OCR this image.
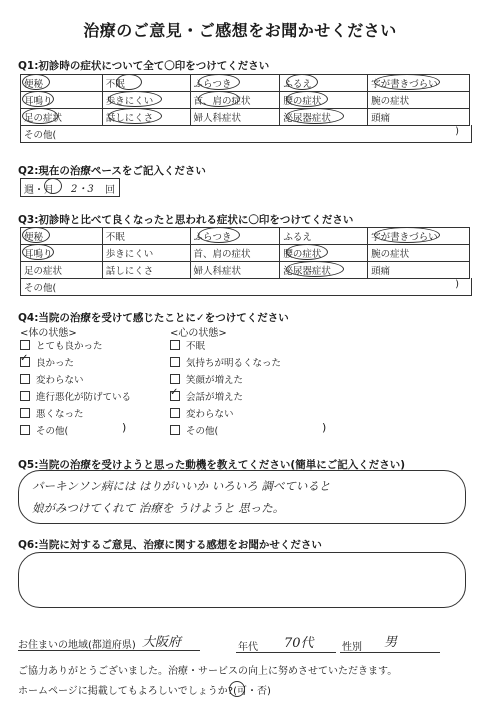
治療のご意見・ご感想をお聞かせください
Q1:初診時の症状について全て〇印をつけてください
便秘	不眠	ふらつき	ふるえ	字が書きづらい
耳鳴り	歩きにくい	首、肩の症状	腰の症状	腕の症状
足の症状	話しにくさ	婦人科症状	泌尿器症状	頭痛
その他(	)
Q2:現在の治療ペースをご記入ください
週・月 2・3 回
Q3:初診時と比べて良くなったと思われる症状に〇印をつけてください
便秘	不眠	ふらつき	ふるえ	字が書きづらい
耳鳴り	歩きにくい	首、肩の症状	腰の症状	腕の症状
足の症状	話しにくさ	婦人科症状	泌尿器症状	頭痛
その他(	)
Q4:当院の治療を受けて感じたことに✓をつけてください
<体の状態>	<心の状態>
とても良かった
✓
良かった
変わらない
進行悪化が防げている
悪くなった
その他(	)
不眠
気持ちが明るくなった
笑顔が増えた
✓
会話が増えた
変わらない
その他(	)
Q5:当院の治療を受けようと思った動機を教えてください(簡単にご記入ください)
パーキンソン病には はりがいいか いろいろ 調べていると
娘がみつけてくれて 治療を うけようと 思った。
Q6:当院に対するご意見、治療に関する感想をお聞かせください
お住まいの地域(都道府県) 大阪府	年代 70代	性別 男
ご協力ありがとうございました。治療・サービスの向上に努めさせていただきます。
ホームページに掲載してもよろしいでしょうか?(可・否)
